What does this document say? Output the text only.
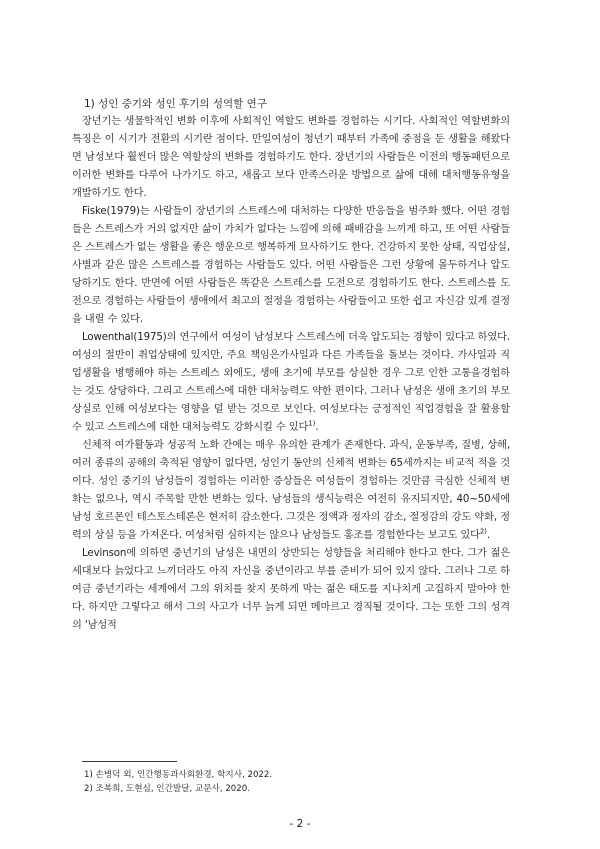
1) 성인 중기와 성인 후기의 성역할 연구

장년기는 생물학적인 변화 이후에 사회적인 역할도 변화를 경험하는 시기다. 사회적인 역할변화의 특징은 이 시기가 전환의 시기란 점이다. 만일여성이 청년기 때부터 가족에 중점을 둔 생활을 해왔다면 남성보다 훨씬더 많은 역할상의 변화를 경험하기도 한다. 장년기의 사람들은 이전의 행동패턴으로 이러한 변화를 다루어 나가기도 하고, 새롭고 보다 만족스러운 방법으로 삶에 대해 대처행동유형을 개발하기도 한다.

Fiske(1979)는 사람들이 장년기의 스트레스에 대처하는 다양한 반응들을 범주화 했다. 어떤 경험들은 스트레스가 거의 없지만 삶이 가치가 없다는 느낌에 의해 패배감을 느끼게 하고, 또 어떤 사람들은 스트레스가 없는 생활을 좋은 행운으로 행복하게 묘사하기도 한다. 건강하지 못한 상태, 직업상실, 사별과 같은 많은 스트레스를 경험하는 사람들도 있다. 어떤 사람들은 그런 상황에 몰두하거나 압도당하기도 한다. 반면에 어떤 사람들은 똑같은 스트레스를 도전으로 경험하기도 한다. 스트레스를 도전으로 경험하는 사람들이 생애에서 최고의 절정을 경험하는 사람들이고 또한 쉽고 자신감 있게 결정을 내릴 수 있다.

Lowenthal(1975)의 연구에서 여성이 남성보다 스트레스에 더욱 압도되는 경향이 있다고 하였다. 여성의 절반이 취업상태에 있지만, 주요 책임은가사일과 다른 가족들을 돌보는 것이다. 가사일과 직업생활을 병행해야 하는 스트레스 외에도, 생애 초기에 부모를 상실한 경우 그로 인한 고통을경험하는 것도 상당하다. 그리고 스트레스에 대한 대처능력도 약한 편이다. 그러나 남성은 생애 초기의 부모상실로 인해 여성보다는 영향을 덜 받는 것으로 보인다. 여성보다는 긍정적인 직업경험을 잘 활용할 수 있고 스트레스에 대한 대처능력도 강화시킬 수 있다$^{1)}$.

신체적 여가활동과 성공적 노화 간에는 매우 유의한 관계가 존재한다. 과식, 운동부족, 질병, 상해, 여러 종류의 공해의 축적된 영향이 없다면, 성인기 동안의 신체적 변화는 65세까지는 비교적 적을 것이다. 성인 중기의 남성들이 경험하는 이러한 증상들은 여성들이 경험하는 것만큼 극심한 신체적 변화는 없으나, 역시 주목할 만한 변화는 있다. 남성들의 생식능력은 여전히 유지되지만, 40~50세에 남성 호르몬인 테스토스테론은 현저히 감소한다. 그것은 정액과 정자의 감소, 절정감의 강도 약화, 정력의 상실 등을 가져온다. 여성처럼 심하지는 않으나 남성들도 홍조를 경험한다는 보고도 있다$^{2)}$.

Levinson에 의하면 중년기의 남성은 내면의 상반되는 성향들을 처리해야 한다고 한다. 그가 젊은 세대보다 늙었다고 느끼더라도 아직 자신을 중년이라고 부를 준비가 되어 있지 않다. 그러나 그로 하여금 중년기라는 세계에서 그의 위치를 찾지 못하게 막는 젊은 태도를 지나치게 고집하지 말아야 한다. 하지만 그렇다고 해서 그의 사고가 너무 늙게 되면 메마르고 경직될 것이다. 그는 또한 그의 성격의 '남성적

1) 손병덕 외, 인간행동과사회환경, 학지사, 2022.

2) 조복희, 도현심, 인간발달, 교문사, 2020.

- 2 -
